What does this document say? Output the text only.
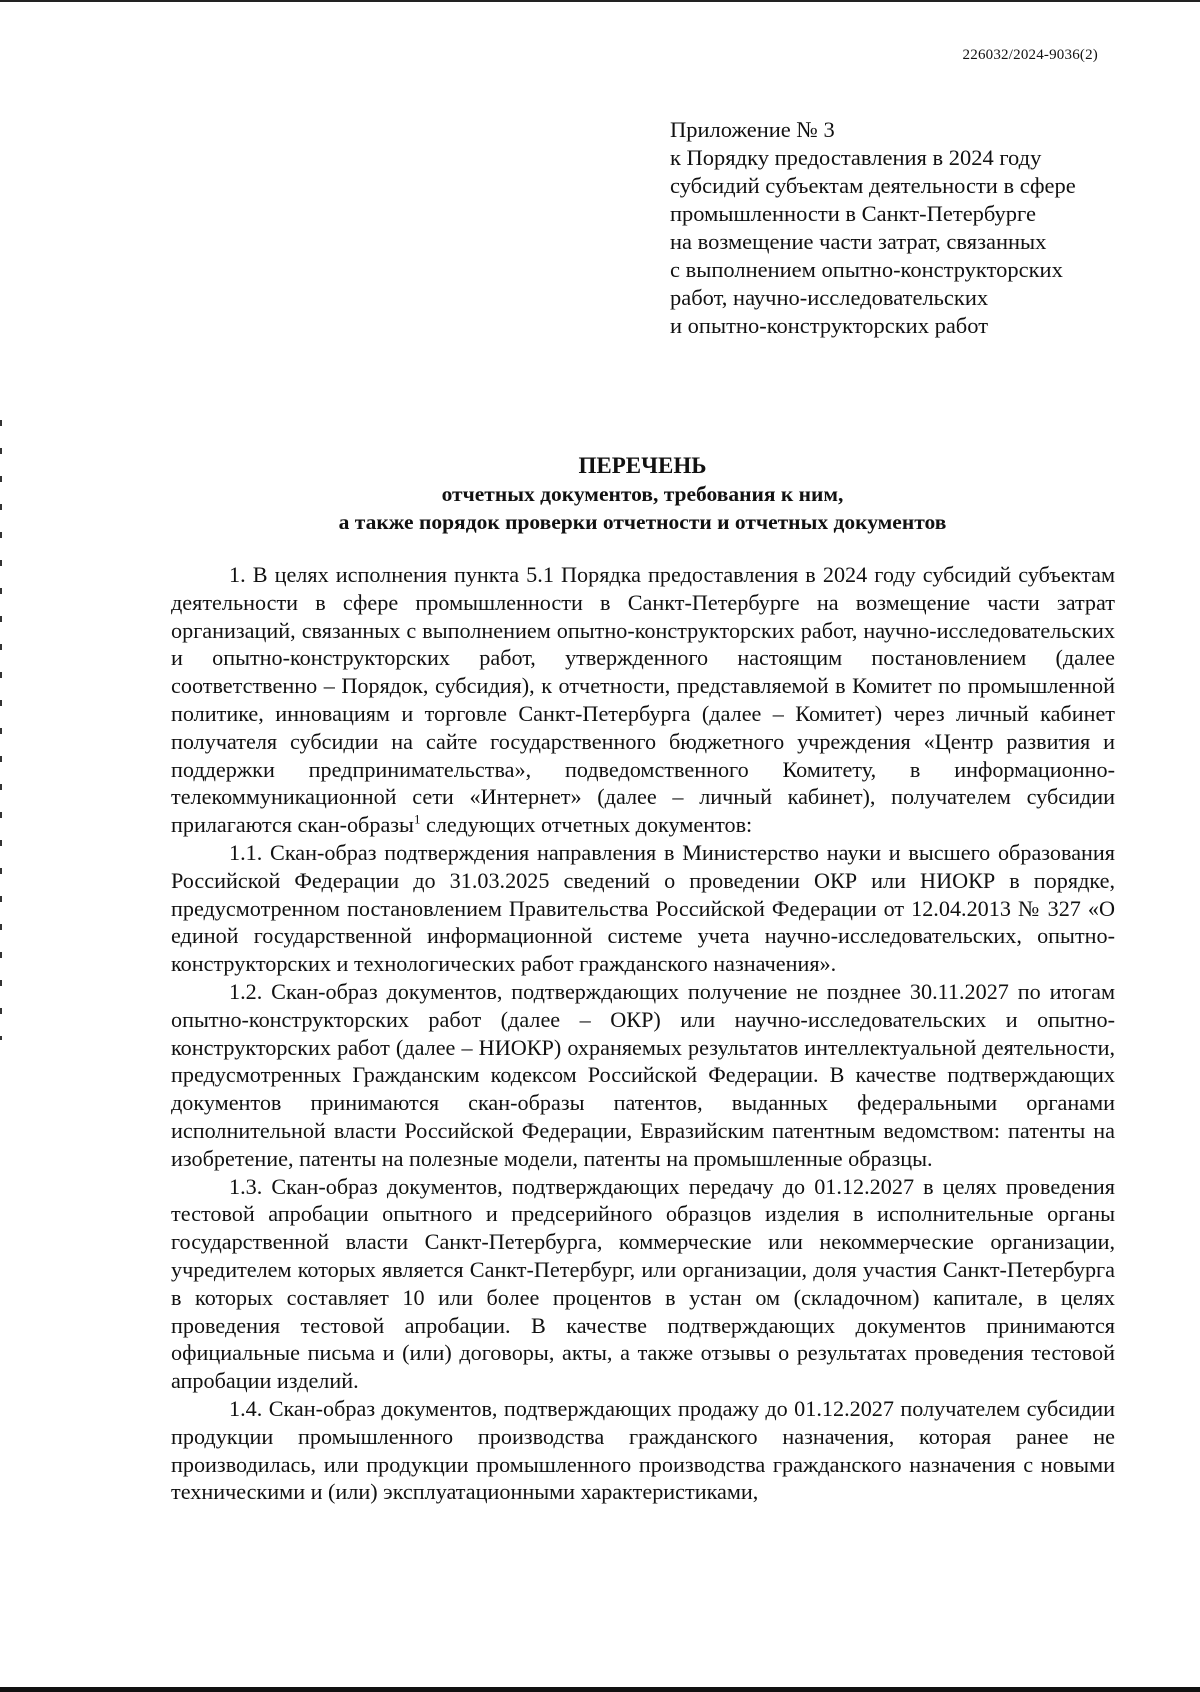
226032/2024-9036(2)
Приложение № 3
к Порядку предоставления в 2024 году
субсидий субъектам деятельности в сфере
промышленности в Санкт-Петербурге
на возмещение части затрат, связанных
с выполнением опытно-конструкторских
работ, научно-исследовательских
и опытно-конструкторских работ
ПЕРЕЧЕНЬ
отчетных документов, требования к ним,
а также порядок проверки отчетности и отчетных документов

1. В целях исполнения пункта 5.1 Порядка предоставления в 2024 году субсидий субъектам деятельности в сфере промышленности в Санкт-Петербурге на возмещение части затрат организаций, связанных с выполнением опытно-конструкторских работ, научно-исследовательских и опытно-конструкторских работ, утвержденного настоящим постановлением (далее соответственно – Порядок, субсидия), к отчетности, представляемой в Комитет по промышленной политике, инновациям и торговле Санкт-Петербурга (далее – Комитет) через личный кабинет получателя субсидии на сайте государственного бюджетного учреждения «Центр развития и поддержки предпринимательства», подведомственного Комитету, в информационно-телекоммуникационной сети «Интернет» (далее – личный кабинет), получателем субсидии прилагаются скан-образы$^1$ следующих отчетных документов:

1.1. Скан-образ подтверждения направления в Министерство науки и высшего образования Российской Федерации до 31.03.2025 сведений о проведении ОКР или НИОКР в порядке, предусмотренном постановлением Правительства Российской Федерации от 12.04.2013 № 327 «О единой государственной информационной системе учета научно-исследовательских, опытно-конструкторских и технологических работ гражданского назначения».

1.2. Скан-образ документов, подтверждающих получение не позднее 30.11.2027 по итогам опытно-конструкторских работ (далее – ОКР) или научно-исследовательских и опытно-конструкторских работ (далее – НИОКР) охраняемых результатов интеллектуальной деятельности, предусмотренных Гражданским кодексом Российской Федерации. В качестве подтверждающих документов принимаются скан-образы патентов, выданных федеральными органами исполнительной власти Российской Федерации, Евразийским патентным ведомством: патенты на изобретение, патенты на полезные модели, патенты на промышленные образцы.

1.3. Скан-образ документов, подтверждающих передачу до 01.12.2027 в целях проведения тестовой апробации опытного и предсерийного образцов изделия в исполнительные органы государственной власти Санкт-Петербурга, коммерческие или некоммерческие организации, учредителем которых является Санкт-Петербург, или организации, доля участия Санкт-Петербурга в которых составляет 10 или более процентов в устан ом (складочном) капитале, в целях проведения тестовой апробации. В качестве подтверждающих документов принимаются официальные письма и (или) договоры, акты, а также отзывы о результатах проведения тестовой апробации изделий.

1.4. Скан-образ документов, подтверждающих продажу до 01.12.2027 получателем субсидии продукции промышленного производства гражданского назначения, которая ранее не производилась, или продукции промышленного производства гражданского назначения с новыми техническими и (или) эксплуатационными характеристиками,
